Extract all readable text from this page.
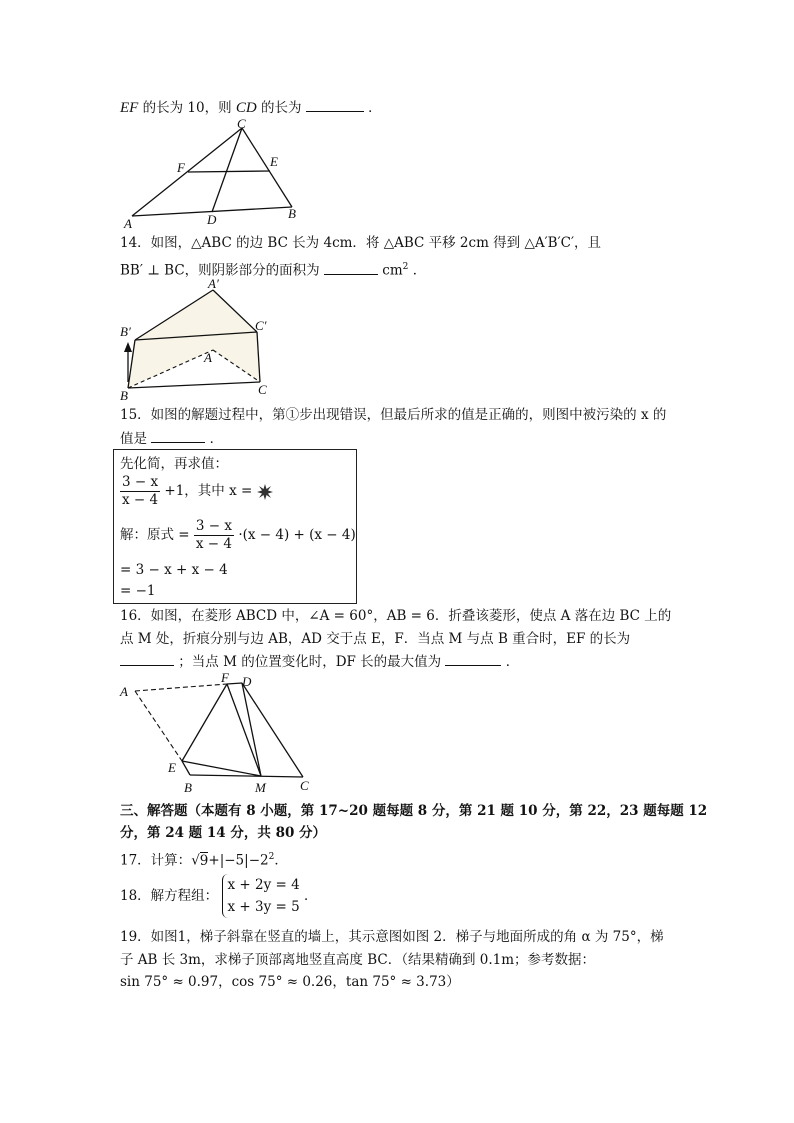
EF 的长为 10，则 CD 的长为	．
C
F	E
A	D	B
14．如图，△ABC 的边 BC 长为 4cm．将 △ABC 平移 2cm 得到 △A′B′C′，且
BB′ ⊥ BC，则阴影部分的面积为	$cm^2$ ．
A′
B′	C′
A
B	C
15．如图的解题过程中，第①步出现错误，但最后所求的值是正确的，则图中被污染的 x 的
值是	．
先化简，再求值：
$\frac{3 - x}{x - 4} +1$，其中 x =
解：原式 = $\frac{3 - x}{x - 4} \cdot(x - 4) + (x - 4)$
= 3 − x + x − 4
= −1
16．如图，在菱形 ABCD 中，∠A = 60°，AB = 6．折叠该菱形，使点 A 落在边 BC 上的
点 M 处，折痕分别与边 AB，AD 交于点 E，F．当点 M 与点 B 重合时，EF 的长为
；当点 M 的位置变化时，DF 长的最大值为	．
A
F D
E
B	M	C
三、解答题（本题有 8 小题，第 17~20 题每题 8 分，第 21 题 10 分，第 22，23 题每题 12
分，第 24 题 14 分，共 80 分）
17．计算：$√9+|-5|-2^2$．
18．解方程组：
x + 2y = 4
x + 3y = 5
．
19．如图1，梯子斜靠在竖直的墙上，其示意图如图 2．梯子与地面所成的角 α 为 75°，梯
子 AB 长 3m，求梯子顶部离地竖直高度 BC．（结果精确到 0.1m；参考数据：
sin 75° ≈ 0.97，cos 75° ≈ 0.26，tan 75° ≈ 3.73）
